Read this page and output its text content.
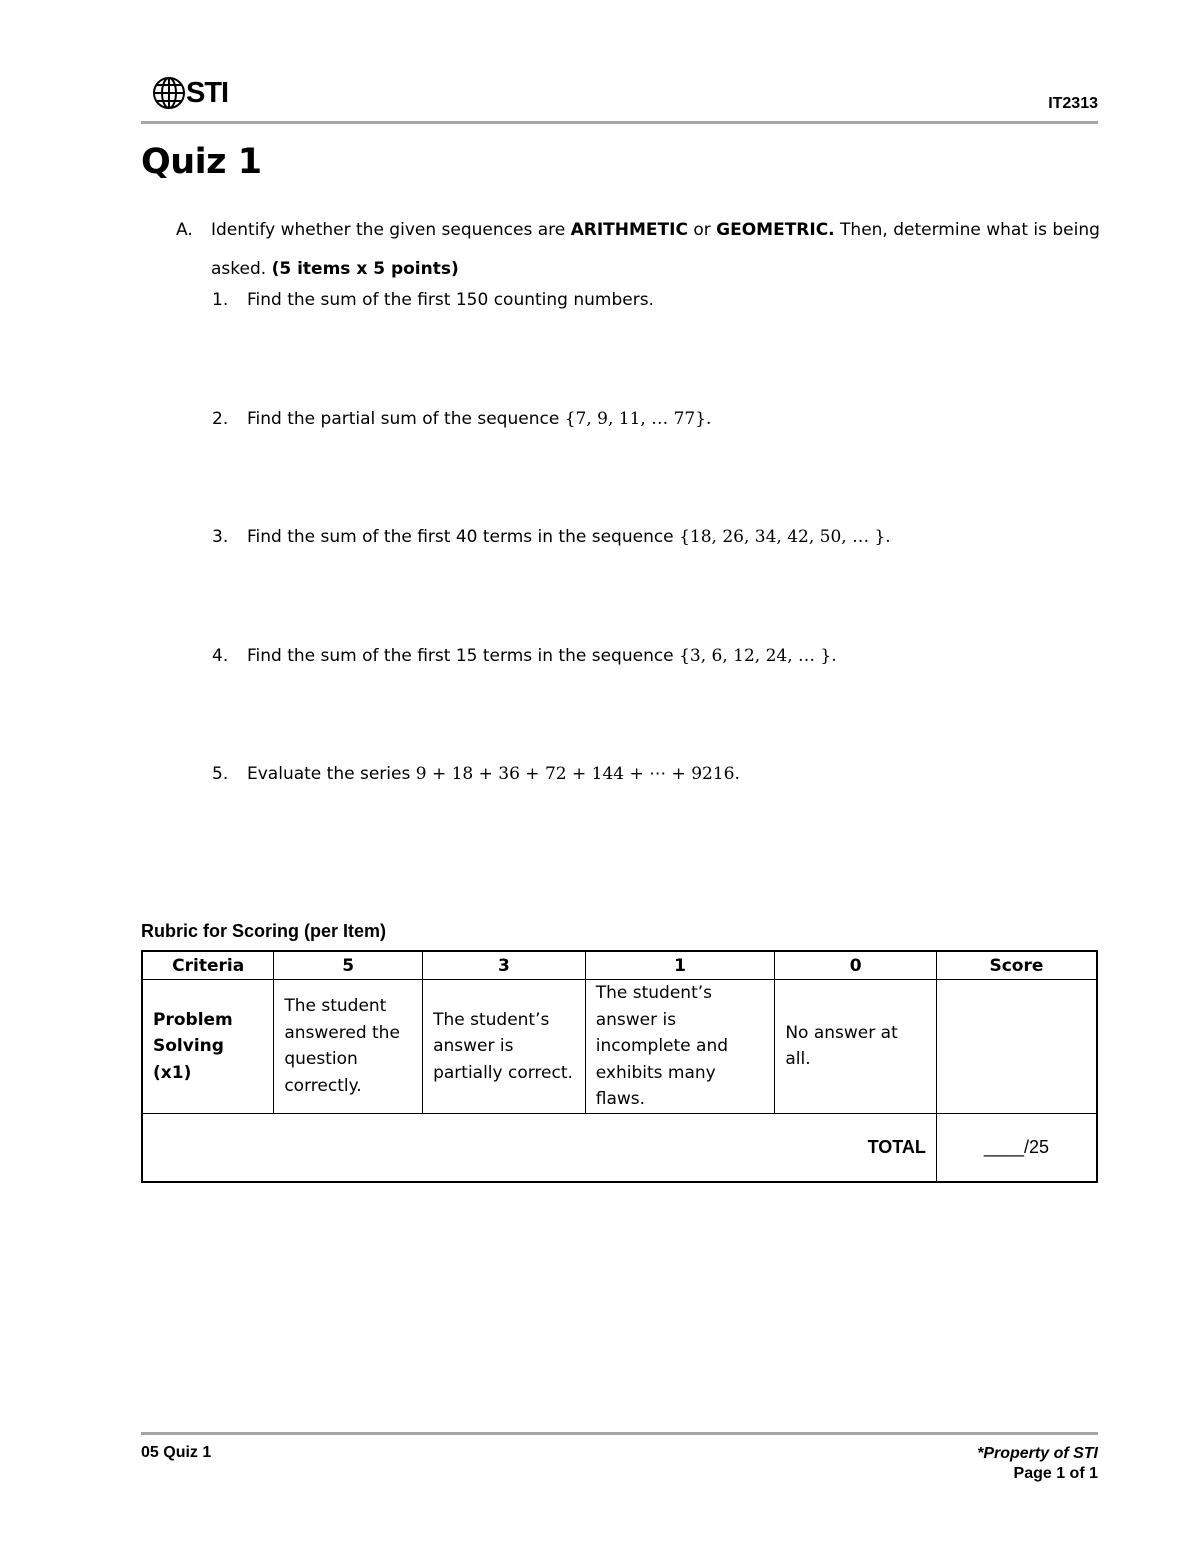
STI	IT2313
Quiz 1
A. Identify whether the given sequences are ARITHMETIC or GEOMETRIC. Then, determine what is being asked. (5 items x 5 points)
1. Find the sum of the first 150 counting numbers.
2. Find the partial sum of the sequence {7, 9, 11, … 77}.
3. Find the sum of the first 40 terms in the sequence {18, 26, 34, 42, 50, … }.
4. Find the sum of the first 15 terms in the sequence {3, 6, 12, 24, … }.
5. Evaluate the series 9 + 18 + 36 + 72 + 144 + ⋯ + 9216.
Rubric for Scoring (per Item)
Criteria	5	3	1	0	Score
Problem Solving (x1)	The student answered the question correctly.	The student’s answer is partially correct.	The student’s answer is incomplete and exhibits many flaws.	No answer at all.	
TOTAL					____/25
05 Quiz 1	*Property of STI
Page 1 of 1
